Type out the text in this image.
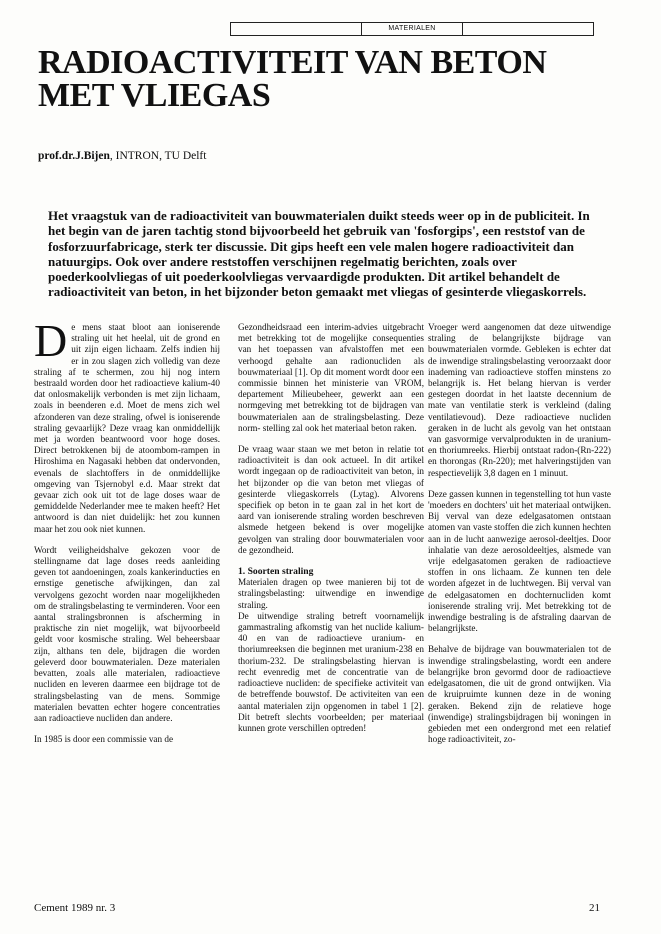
MATERIALEN
RADIOACTIVITEIT VAN BETON MET VLIEGAS
prof.dr.J.Bijen, INTRON, TU Delft
Het vraagstuk van de radioactiviteit van bouwmaterialen duikt steeds weer op in de publiciteit. In het begin van de jaren tachtig stond bijvoorbeeld het gebruik van 'fosforgips', een reststof van de fosforzuurfabricage, sterk ter discussie. Dit gips heeft een vele malen hogere radioactiviteit dan natuurgips. Ook over andere reststoffen verschijnen regelmatig berichten, zoals over poederkoolvliegas of uit poederkoolvliegas vervaardigde produkten. Dit artikel behandelt de radioactiviteit van beton, in het bijzonder beton gemaakt met vliegas of gesinterde vliegaskorrels.

De mens staat bloot aan ioniserende straling uit het heelal, uit de grond en uit zijn eigen lichaam. Zelfs indien hij er in zou slagen zich volledig van deze straling af te schermen, zou hij nog intern bestraald worden door het radioactieve kalium-40 dat onlosmakelijk verbonden is met zijn lichaam, zoals in beenderen e.d. Moet de mens zich wel afzonderen van deze straling, ofwel is ioniserende straling gevaarlijk? Deze vraag kan onmiddellijk met ja worden beantwoord voor hoge doses. Direct betrokkenen bij de atoombom-rampen in Hiroshima en Nagasaki hebben dat ondervonden, evenals de slachtoffers in de onmiddellijke omgeving van Tsjernobyl e.d. Maar strekt dat gevaar zich ook uit tot de lage doses waar de gemiddelde Nederlander mee te maken heeft? Het antwoord is dan niet duidelijk: het zou kunnen maar het zou ook niet kunnen.

Wordt veiligheidshalve gekozen voor de stellingname dat lage doses reeds aanleiding geven tot aandoeningen, zoals kankerinducties en ernstige genetische afwijkingen, dan zal vervolgens gezocht worden naar mogelijkheden om de stralingsbelasting te verminderen. Voor een aantal stralingsbronnen is afscherming in praktische zin niet mogelijk, wat bijvoorbeeld geldt voor kosmische straling. Wel beheersbaar zijn, althans ten dele, bijdragen die worden geleverd door bouwmaterialen. Deze materialen bevatten, zoals alle materialen, radioactieve nucliden en leveren daarmee een bijdrage tot de stralingsbelasting van de mens. Sommige materialen bevatten echter hogere concentraties aan radioactieve nucliden dan andere.

In 1985 is door een commissie van de

Gezondheidsraad een interim-advies uitgebracht met betrekking tot de mogelijke consequenties van het toepassen van afvalstoffen met een verhoogd gehalte aan radionucliden als bouwmateriaal [1]. Op dit moment wordt door een commissie binnen het ministerie van VROM, departement Milieubeheer, gewerkt aan een normgeving met betrekking tot de bijdragen van bouwmaterialen aan de stralingsbelasting. Deze norm- stelling zal ook het materiaal beton raken.

De vraag waar staan we met beton in relatie tot radioactiviteit is dan ook actueel. In dit artikel wordt ingegaan op de radioactiviteit van beton, in het bijzonder op die van beton met vliegas of gesinterde vliegaskorrels (Lytag). Alvorens specifiek op beton in te gaan zal in het kort de aard van ioniserende straling worden beschreven alsmede hetgeen bekend is over mogelijke gevolgen van straling door bouwmaterialen voor de gezondheid.

1. Soorten straling

Materialen dragen op twee manieren bij tot de stralingsbelasting: uitwendige en inwendige straling.

De uitwendige straling betreft voornamelijk gammastraling afkomstig van het nuclide kalium-40 en van de radioactieve uranium- en thoriumreeksen die beginnen met uranium-238 en thorium-232. De stralingsbelasting hiervan is recht evenredig met de concentratie van de radioactieve nucliden: de specifieke activiteit van de betreffende bouwstof. De activiteiten van een aantal materialen zijn opgenomen in tabel 1 [2]. Dit betreft slechts voorbeelden; per materiaal kunnen grote verschillen optreden!

Vroeger werd aangenomen dat deze uitwendige straling de belangrijkste bijdrage van bouwmaterialen vormde. Gebleken is echter dat de inwendige stralingsbelasting veroorzaakt door inademing van radioactieve stoffen minstens zo belangrijk is. Het belang hiervan is verder gestegen doordat in het laatste decennium de mate van ventilatie sterk is verkleind (daling ventilatievoud). Deze radioactieve nucliden geraken in de lucht als gevolg van het ontstaan van gasvormige vervalprodukten in de uranium- en thoriumreeks. Hierbij ontstaat radon-(Rn-222) en thorongas (Rn-220); met halveringstijden van respectievelijk 3,8 dagen en 1 minuut.

Deze gassen kunnen in tegenstelling tot hun vaste 'moeders en dochters' uit het materiaal ontwijken. Bij verval van deze edelgasatomen ontstaan atomen van vaste stoffen die zich kunnen hechten aan in de lucht aanwezige aerosol-deeltjes. Door inhalatie van deze aerosoldeeltjes, alsmede van vrije edelgasatomen geraken de radioactieve stoffen in ons lichaam. Ze kunnen ten dele worden afgezet in de luchtwegen. Bij verval van de edelgasatomen en dochternucliden komt ioniserende straling vrij. Met betrekking tot de inwendige bestraling is de afstraling daarvan de belangrijkste.

Behalve de bijdrage van bouwmaterialen tot de inwendige stralingsbelasting, wordt een andere belangrijke bron gevormd door de radioactieve edelgasatomen, die uit de grond ontwijken. Via de kruipruimte kunnen deze in de woning geraken. Bekend zijn de relatieve hoge (inwendige) stralingsbijdragen bij woningen in gebieden met een ondergrond met een relatief hoge radioactiviteit, zo-

Cement 1989 nr. 3	21
